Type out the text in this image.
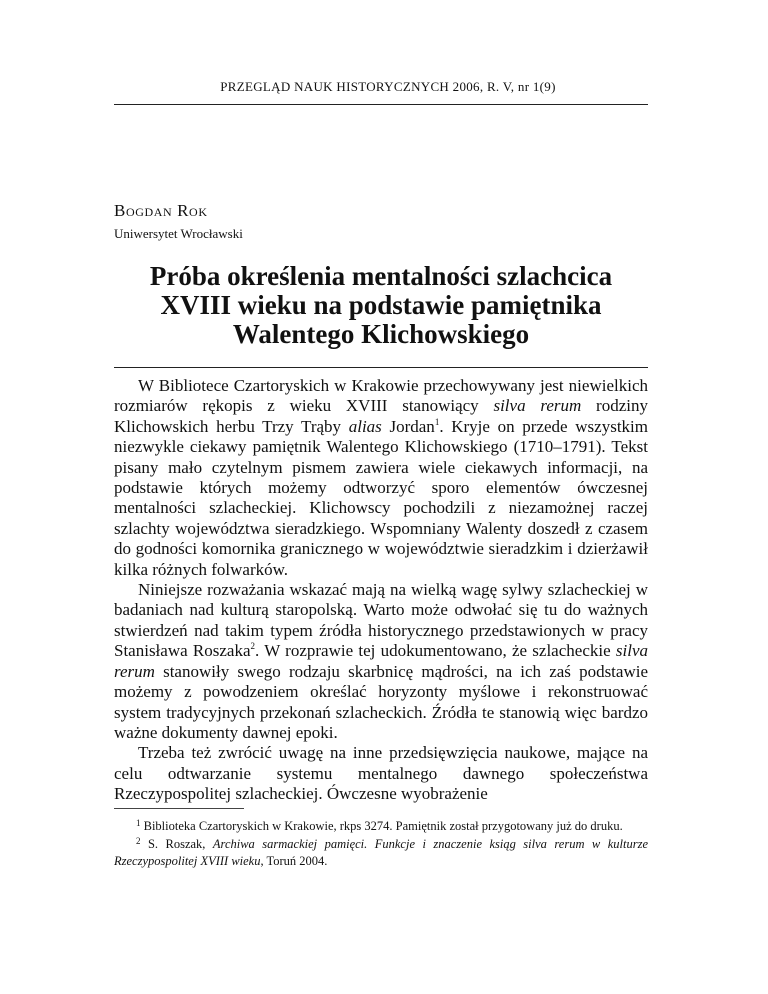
PRZEGLĄD NAUK HISTORYCZNYCH 2006, R. V, nr 1(9)
Bogdan Rok
Uniwersytet Wrocławski
Próba określenia mentalności szlachcica
XVIII wieku na podstawie pamiętnika
Walentego Klichowskiego

W Bibliotece Czartoryskich w Krakowie przechowywany jest niewielkich rozmiarów rękopis z wieku XVIII stanowiący silva rerum rodziny Klichowskich herbu Trzy Trąby alias Jordan$^1$. Kryje on przede wszystkim niezwykle ciekawy pamiętnik Walentego Klichowskiego (1710–1791). Tekst pisany mało czytelnym pismem zawiera wiele ciekawych informacji, na podstawie których możemy odtworzyć sporo elementów ówczesnej mentalności szlacheckiej. Klichowscy pochodzili z niezamożnej raczej szlachty województwa sieradzkiego. Wspomniany Walenty doszedł z czasem do godności komornika granicznego w województwie sieradzkim i dzierżawił kilka różnych folwarków.

Niniejsze rozważania wskazać mają na wielką wagę sylwy szlacheckiej w badaniach nad kulturą staropolską. Warto może odwołać się tu do ważnych stwierdzeń nad takim typem źródła historycznego przedstawionych w pracy Stanisława Roszaka$^2$. W rozprawie tej udokumentowano, że szlacheckie silva rerum stanowiły swego rodzaju skarbnicę mądrości, na ich zaś podstawie możemy z powodzeniem określać horyzonty myślowe i rekonstruować system tradycyjnych przekonań szlacheckich. Źródła te stanowią więc bardzo ważne dokumenty dawnej epoki.

Trzeba też zwrócić uwagę na inne przedsięwzięcia naukowe, mające na celu odtwarzanie systemu mentalnego dawnego społeczeństwa Rzeczypospolitej szlacheckiej. Ówczesne wyobrażenie

$^1$ Biblioteka Czartoryskich w Krakowie, rkps 3274. Pamiętnik został przygotowany już do druku.

$^2$ S. Roszak, Archiwa sarmackiej pamięci. Funkcje i znaczenie ksiąg silva rerum w kulturze Rzeczypospolitej XVIII wieku, Toruń 2004.
